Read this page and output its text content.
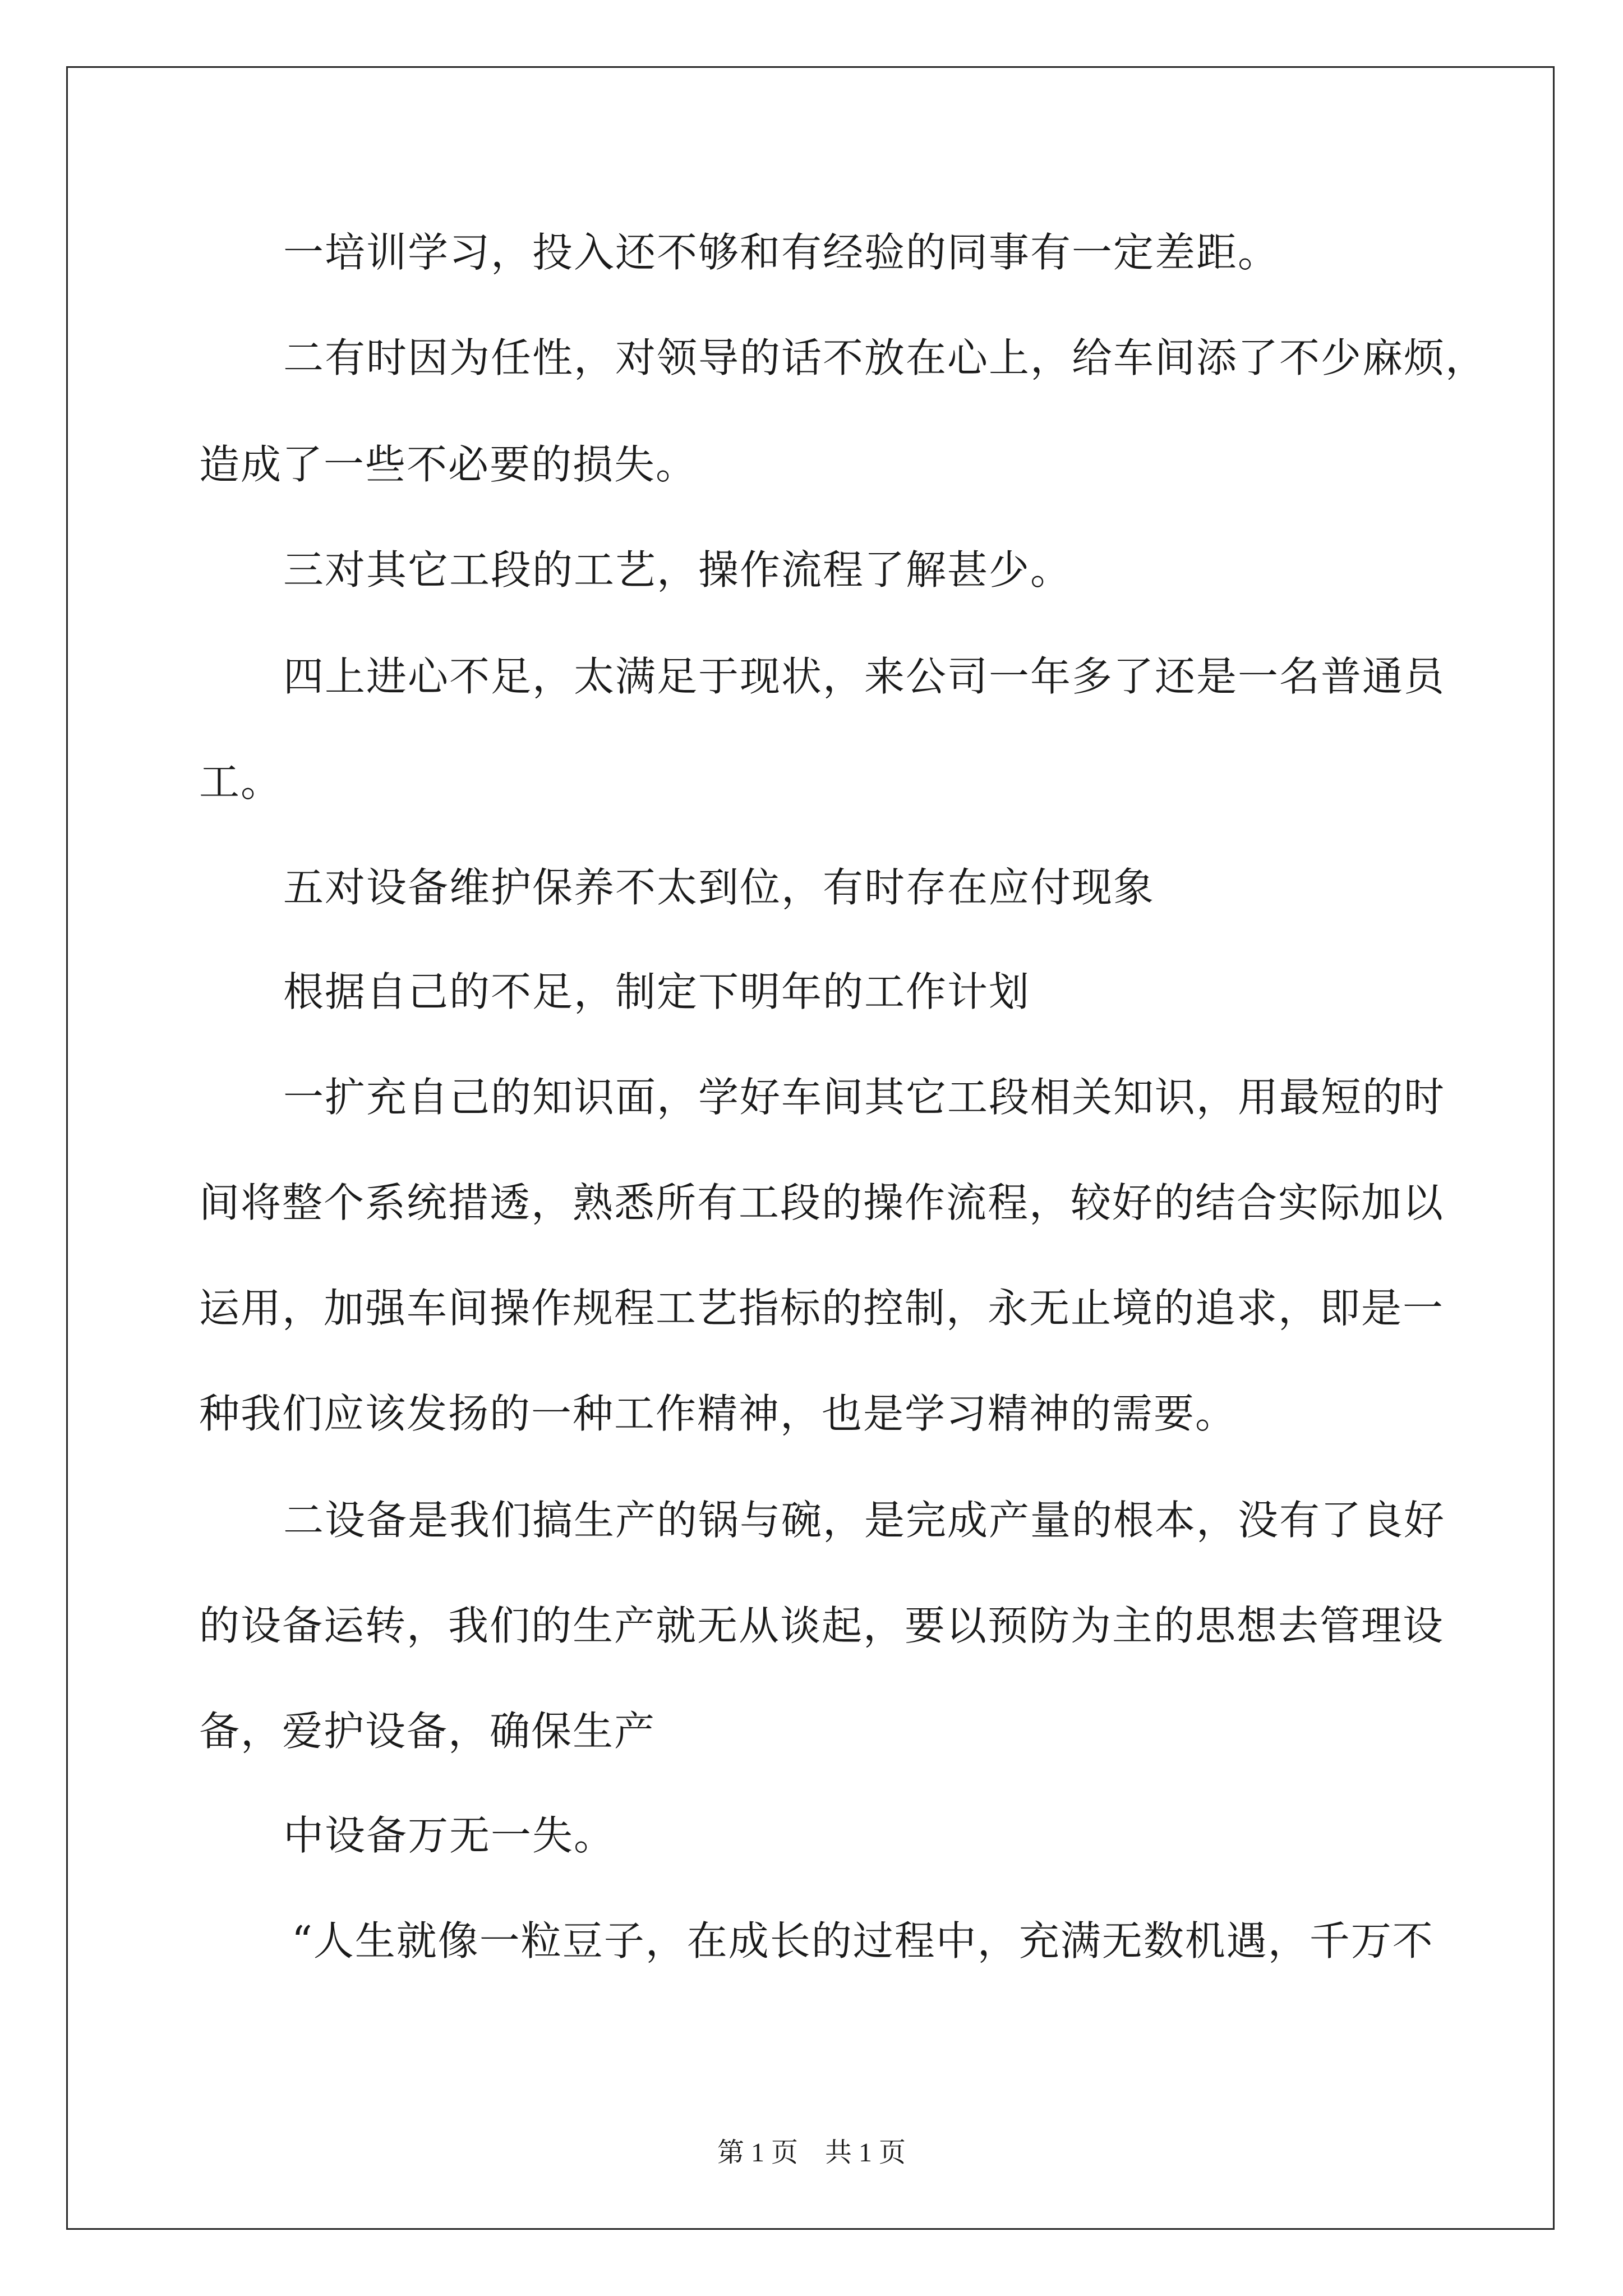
一培训学习，投入还不够和有经验的同事有一定差距。
二有时因为任性，对领导的话不放在心上，给车间添了不少麻烦，
造成了一些不必要的损失。
三对其它工段的工艺，操作流程了解甚少。
四上进心不足，太满足于现状，来公司一年多了还是一名普通员
工。
五对设备维护保养不太到位，有时存在应付现象
根据自己的不足，制定下明年的工作计划
一扩充自己的知识面，学好车间其它工段相关知识，用最短的时
间将整个系统措透，熟悉所有工段的操作流程，较好的结合实际加以
运用，加强车间操作规程工艺指标的控制，永无止境的追求，即是一
种我们应该发扬的一种工作精神，也是学习精神的需要。
二设备是我们搞生产的锅与碗，是完成产量的根本，没有了良好
的设备运转，我们的生产就无从谈起，要以预防为主的思想去管理设
备，爱护设备，确保生产
中设备万无一失。
“人生就像一粒豆子，在成长的过程中，充满无数机遇，千万不
第 1 页　共 1 页
